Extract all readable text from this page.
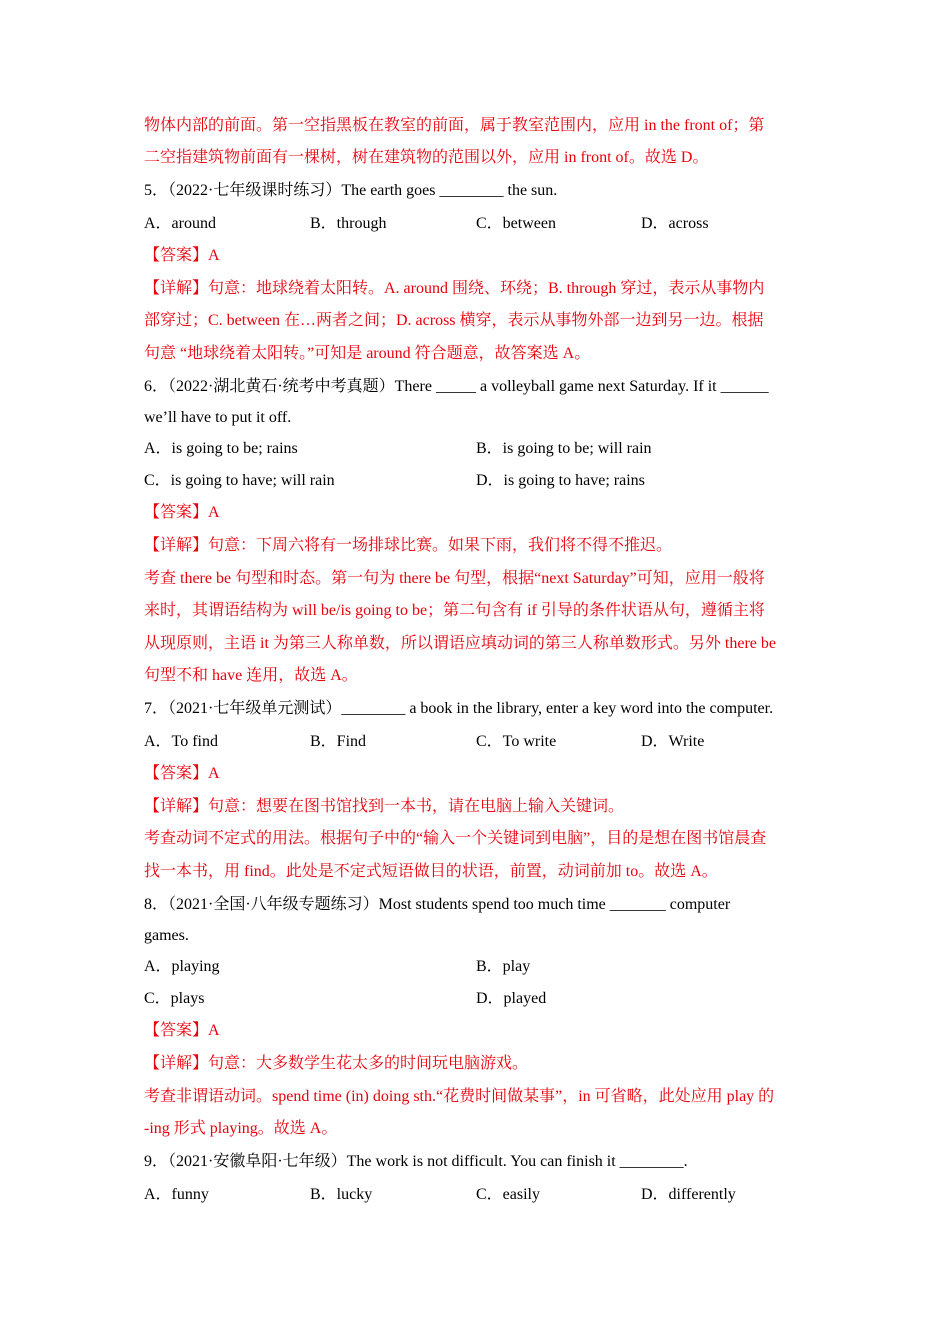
物体内部的前面。第一空指黑板在教室的前面，属于教室范围内，应用 in the front of；第
二空指建筑物前面有一棵树，树在建筑物的范围以外，应用 in front of。故选 D。
5．（2022·七年级课时练习）The earth goes ________ the sun.
A．around	B．through	C．between	D．across
【答案】A
【详解】句意：地球绕着太阳转。A. around 围绕、环绕；B. through 穿过，表示从事物内
部穿过；C. between 在…两者之间；D. across 横穿，表示从事物外部一边到另一边。根据
句意 “地球绕着太阳转。”可知是 around 符合题意，故答案选 A。
6．（2022·湖北黄石·统考中考真题）There _____ a volleyball game next Saturday. If it ______
we’ll have to put it off.
A．is going to be; rains	B．is going to be; will rain
C．is going to have; will rain	D．is going to have; rains
【答案】A
【详解】句意：下周六将有一场排球比赛。如果下雨，我们将不得不推迟。
考查 there be 句型和时态。第一句为 there be 句型，根据“next Saturday”可知，应用一般将
来时，其谓语结构为 will be/is going to be；第二句含有 if 引导的条件状语从句，遵循主将
从现原则，主语 it 为第三人称单数，所以谓语应填动词的第三人称单数形式。另外 there be
句型不和 have 连用，故选 A。
7．（2021·七年级单元测试）________ a book in the library, enter a key word into the computer.
A．To find	B．Find	C．To write	D．Write
【答案】A
【详解】句意：想要在图书馆找到一本书，请在电脑上输入关键词。
考查动词不定式的用法。根据句子中的“输入一个关键词到电脑”，目的是想在图书馆晨查
找一本书，用 find。此处是不定式短语做目的状语，前置，动词前加 to。故选 A。
8．（2021·全国·八年级专题练习）Most students spend too much time _______ computer
games.
A．playing	B．play
C．plays	D．played
【答案】A
【详解】句意：大多数学生花太多的时间玩电脑游戏。
考查非谓语动词。spend time (in) doing sth.“花费时间做某事”，in 可省略，此处应用 play 的
-ing 形式 playing。故选 A。
9．（2021·安徽阜阳·七年级）The work is not difficult. You can finish it ________.
A．funny	B．lucky	C．easily	D．differently
